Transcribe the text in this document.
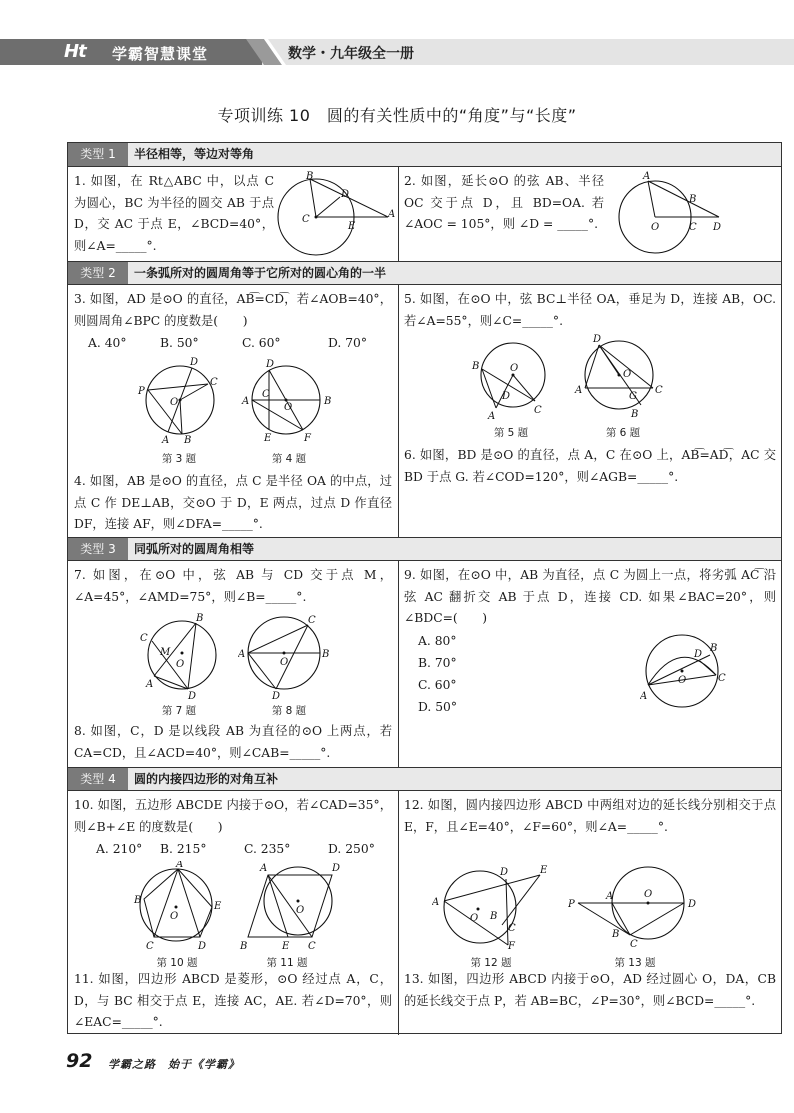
Ht 学霸智慧课堂	数学・九年级全一册
专项训练 10　圆的有关性质中的“角度”与“长度”
类型 1	半径相等，等边对等角
1. 如图，在 Rt△ABC 中，以点 C 为圆心，BC 为半径的圆交 AB 于点 D，交 AC 于点 E，∠BCD=40°，则∠A=_____°.
B
C
D
E
A
2. 如图，延长⊙O 的弦 AB、半径 OC 交于点 D，且 BD=OA. 若 ∠AOC = 105°，则 ∠D = _____°.
A
O
B
C D
类型 2	一条弧所对的圆周角等于它所对的圆心角的一半
3. 如图，AD 是⊙O 的直径，AB͡=CD͡，若∠AOB=40°，则圆周角∠BPC 的度数是(　　)
A. 40°	B. 50°	C. 60°	D. 70°
D
P
C
O
A B
第 3 题
D
A	B
C
O
E	F
第 4 题
4. 如图，AB 是⊙O 的直径，点 C 是半径 OA 的中点，过点 C 作 DE⊥AB，交⊙O 于 D，E 两点，过点 D 作直径 DF，连接 AF，则∠DFA=_____°.
5. 如图，在⊙O 中，弦 BC⊥半径 OA，垂足为 D，连接 AB，OC. 若∠A=55°，则∠C=_____°.
B	O
D
A
C
第 5 题
D
O
A	C
G
B
第 6 题
6. 如图，BD 是⊙O 的直径，点 A，C 在⊙O 上，AB͡=AD͡，AC 交 BD 于点 G. 若∠COD=120°，则∠AGB=_____°.
类型 3	同弧所对的圆周角相等
7. 如图，在⊙O 中，弦 AB 与 CD 交于点 M，∠A=45°，∠AMD=75°，则∠B=_____°.
B
C
M
O
A
D
第 7 题
C
A	B
O
D
第 8 题
8. 如图，C，D 是以线段 AB 为直径的⊙O 上两点，若 CA=CD，且∠ACD=40°，则∠CAB=_____°.
9. 如图，在⊙O 中，AB 为直径，点 C 为圆上一点，将劣弧 AC͡ 沿弦 AC 翻折交 AB 于点 D，连接 CD. 如果∠BAC=20°，则∠BDC=(　　)
A. 80°
B. 70°
C. 60°
D. 50°
D
B
O	C
A
类型 4	圆的内接四边形的对角互补
10. 如图，五边形 ABCDE 内接于⊙O，若∠CAD=35°，则∠B+∠E 的度数是(　　)
A. 210°	B. 215°	C. 235°	D. 250°
A
B
E
O
C	D
第 10 题
A	D
O
B	E C
第 11 题
11. 如图，四边形 ABCD 是菱形，⊙O 经过点 A，C，D，与 BC 相交于点 E，连接 AC，AE. 若∠D=70°，则∠EAC=_____°.
12. 如图，圆内接四边形 ABCD 中两组对边的延长线分别相交于点 E，F，且∠E=40°，∠F=60°，则∠A=_____°.
A
D	E
O B
C
F
第 12 题
P
A	O
D
B
C
第 13 题
13. 如图，四边形 ABCD 内接于⊙O，AD 经过圆心 O，DA，CB 的延长线交于点 P，若 AB=BC，∠P=30°，则∠BCD=_____°.
92 学霸之路　始于《学霸》
